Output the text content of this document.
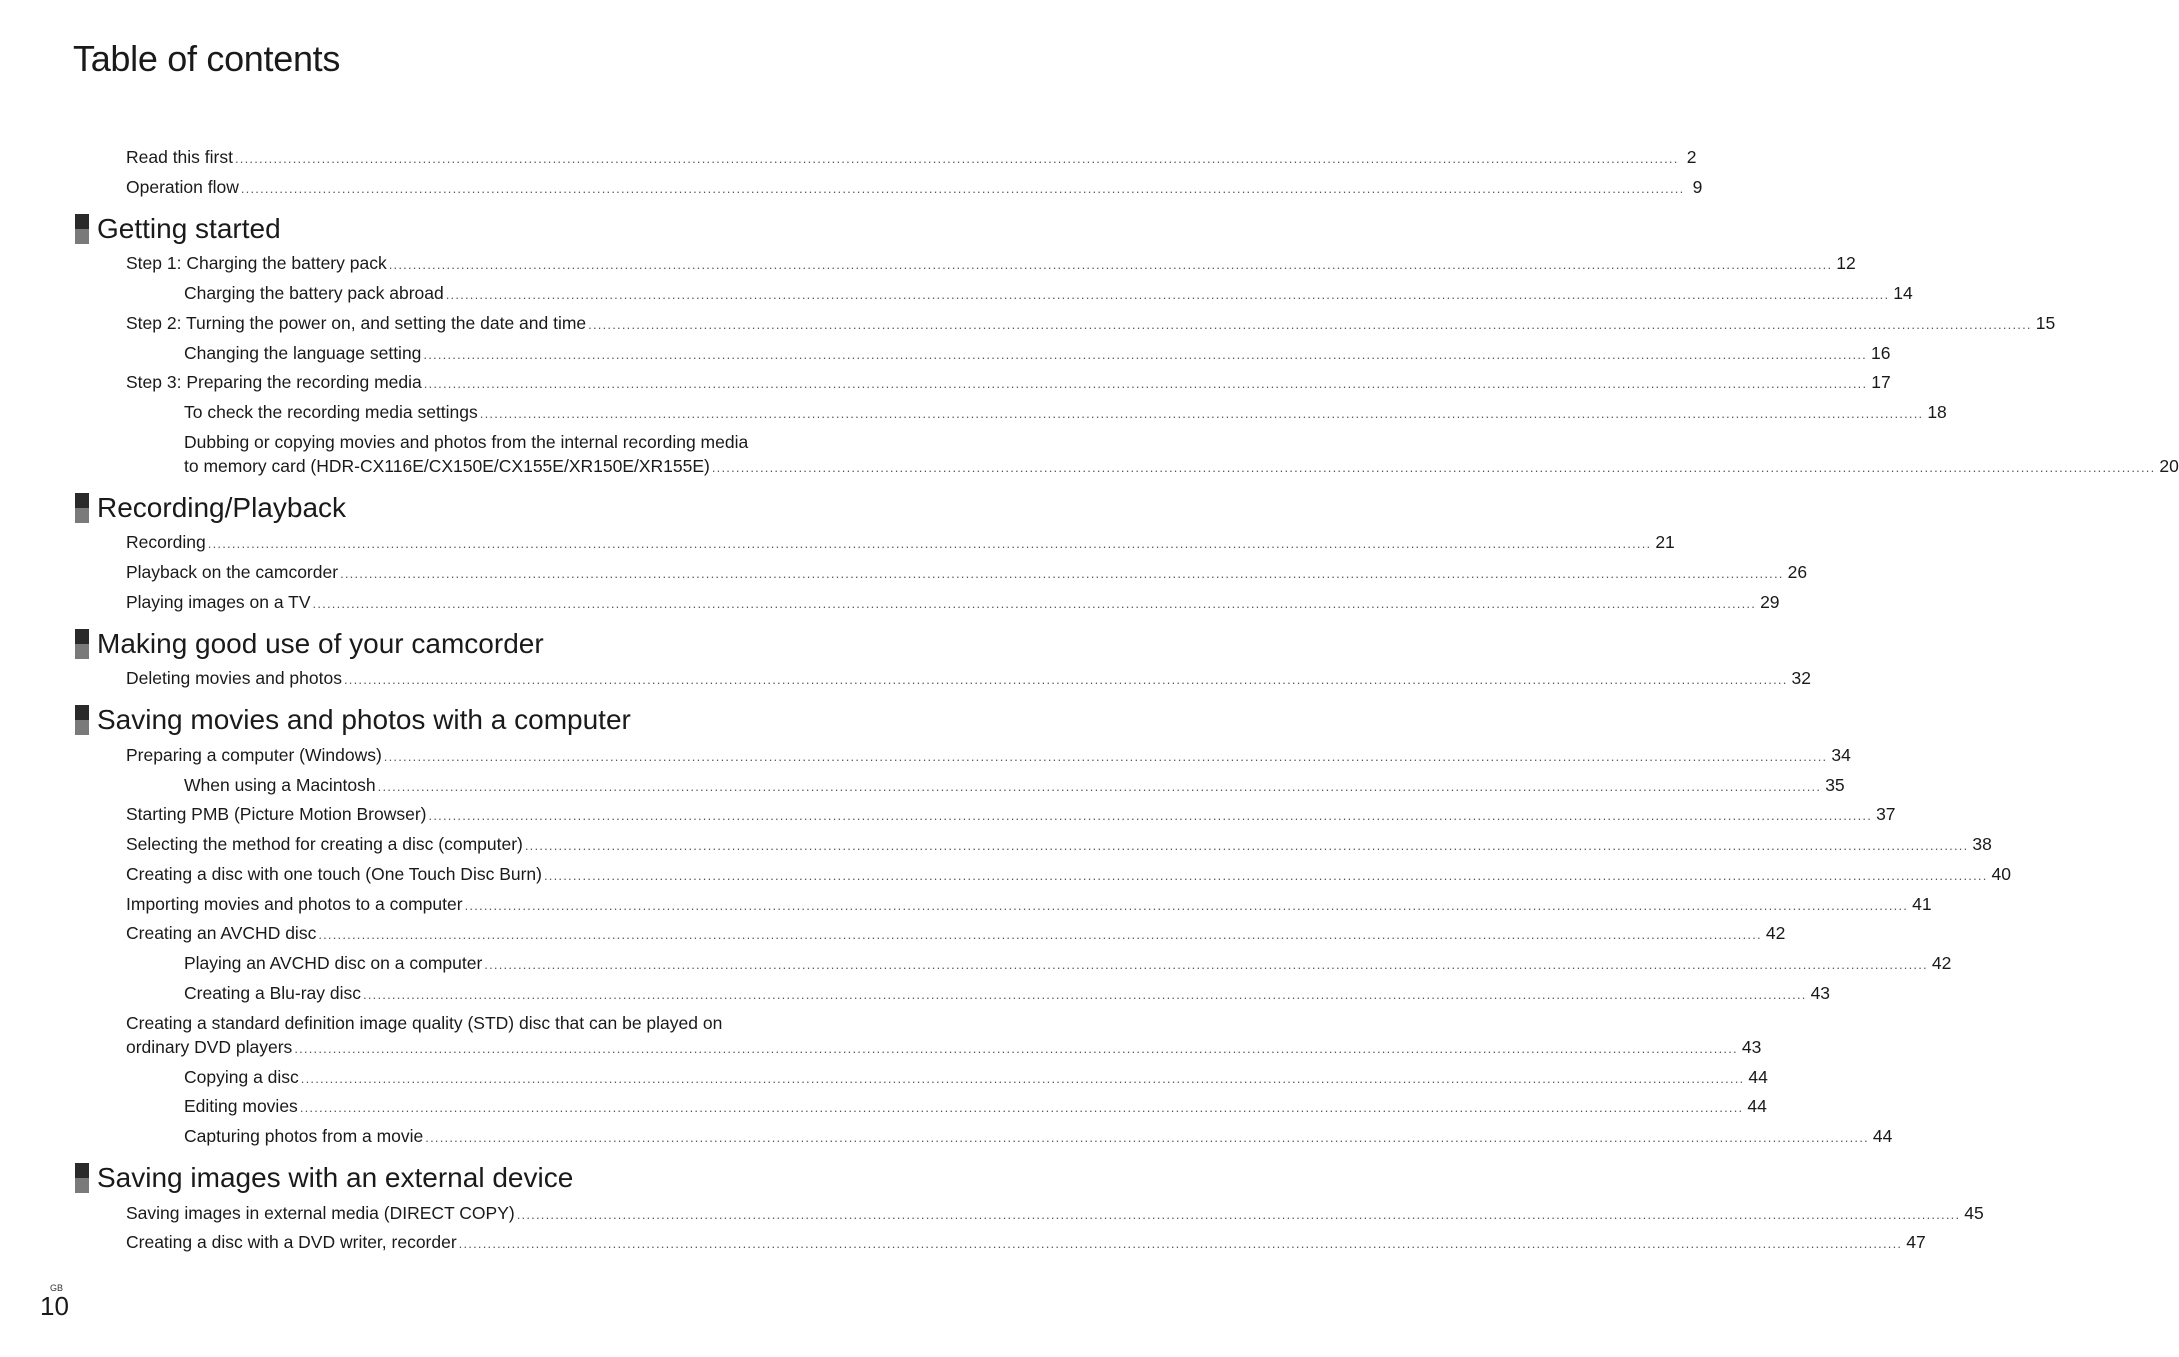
Table of contents
Read this first ............................................................................................................................................................................................................................................................................................................ 2
Operation flow ............................................................................................................................................................................................................................................................................................................ 9
Getting started
Step 1: Charging the battery pack ............................................................................................................................................................................................................................................................................................................ 12
Charging the battery pack abroad ............................................................................................................................................................................................................................................................................................................ 14
Step 2: Turning the power on, and setting the date and time ............................................................................................................................................................................................................................................................................................................ 15
Changing the language setting ............................................................................................................................................................................................................................................................................................................ 16
Step 3: Preparing the recording media ............................................................................................................................................................................................................................................................................................................ 17
To check the recording media settings ............................................................................................................................................................................................................................................................................................................ 18
Dubbing or copying movies and photos from the internal recording media
to memory card (HDR-CX116E/CX150E/CX155E/XR150E/XR155E) ............................................................................................................................................................................................................................................................................................................ 20
Recording/Playback
Recording ............................................................................................................................................................................................................................................................................................................ 21
Playback on the camcorder ............................................................................................................................................................................................................................................................................................................ 26
Playing images on a TV ............................................................................................................................................................................................................................................................................................................ 29
Making good use of your camcorder
Deleting movies and photos ............................................................................................................................................................................................................................................................................................................ 32
Saving movies and photos with a computer
Preparing a computer (Windows) ............................................................................................................................................................................................................................................................................................................ 34
When using a Macintosh ............................................................................................................................................................................................................................................................................................................ 35
Starting PMB (Picture Motion Browser) ............................................................................................................................................................................................................................................................................................................ 37
Selecting the method for creating a disc (computer) ............................................................................................................................................................................................................................................................................................................ 38
Creating a disc with one touch (One Touch Disc Burn) ............................................................................................................................................................................................................................................................................................................ 40
Importing movies and photos to a computer ............................................................................................................................................................................................................................................................................................................ 41
Creating an AVCHD disc ............................................................................................................................................................................................................................................................................................................ 42
Playing an AVCHD disc on a computer ............................................................................................................................................................................................................................................................................................................ 42
Creating a Blu-ray disc ............................................................................................................................................................................................................................................................................................................ 43
Creating a standard definition image quality (STD) disc that can be played on
ordinary DVD players ............................................................................................................................................................................................................................................................................................................ 43
Copying a disc ............................................................................................................................................................................................................................................................................................................ 44
Editing movies ............................................................................................................................................................................................................................................................................................................ 44
Capturing photos from a movie ............................................................................................................................................................................................................................................................................................................ 44
Saving images with an external device
Saving images in external media (DIRECT COPY) ............................................................................................................................................................................................................................................................................................................ 45
Creating a disc with a DVD writer, recorder ............................................................................................................................................................................................................................................................................................................ 47
GB
10
